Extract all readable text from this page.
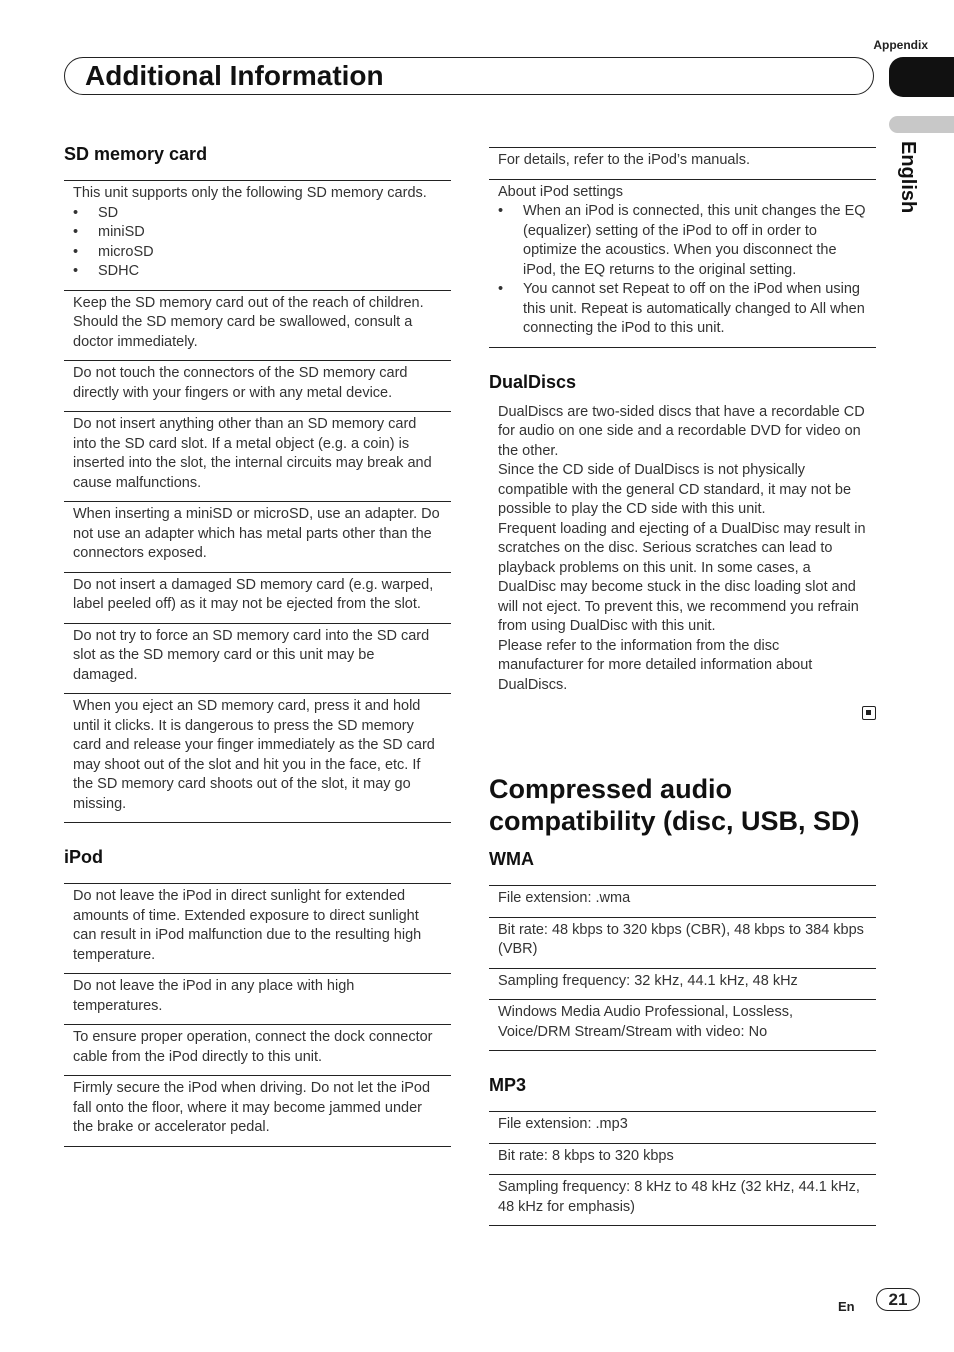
Appendix
Additional Information
English
SD memory card
This unit supports only the following SD memory cards.
• SD
• miniSD
• microSD
• SDHC
Keep the SD memory card out of the reach of children. Should the SD memory card be swallowed, consult a doctor immediately.
Do not touch the connectors of the SD memory card directly with your fingers or with any metal device.
Do not insert anything other than an SD memory card into the SD card slot. If a metal object (e.g. a coin) is inserted into the slot, the internal circuits may break and cause malfunctions.
When inserting a miniSD or microSD, use an adapter. Do not use an adapter which has metal parts other than the connectors exposed.
Do not insert a damaged SD memory card (e.g. warped, label peeled off) as it may not be ejected from the slot.
Do not try to force an SD memory card into the SD card slot as the SD memory card or this unit may be damaged.
When you eject an SD memory card, press it and hold until it clicks. It is dangerous to press the SD memory card and release your finger immediately as the SD card may shoot out of the slot and hit you in the face, etc. If the SD memory card shoots out of the slot, it may go missing.
iPod
Do not leave the iPod in direct sunlight for extended amounts of time. Extended exposure to direct sunlight can result in iPod malfunction due to the resulting high temperature.
Do not leave the iPod in any place with high temperatures.
To ensure proper operation, connect the dock connector cable from the iPod directly to this unit.
Firmly secure the iPod when driving. Do not let the iPod fall onto the floor, where it may become jammed under the brake or accelerator pedal.
For details, refer to the iPod’s manuals.
About iPod settings
• When an iPod is connected, this unit changes the EQ (equalizer) setting of the iPod to off in order to optimize the acoustics. When you disconnect the iPod, the EQ returns to the original setting.
• You cannot set Repeat to off on the iPod when using this unit. Repeat is automatically changed to All when connecting the iPod to this unit.
DualDiscs
DualDiscs are two-sided discs that have a recordable CD for audio on one side and a recordable DVD for video on the other.
Since the CD side of DualDiscs is not physically compatible with the general CD standard, it may not be possible to play the CD side with this unit.
Frequent loading and ejecting of a DualDisc may result in scratches on the disc. Serious scratches can lead to playback problems on this unit. In some cases, a DualDisc may become stuck in the disc loading slot and will not eject. To prevent this, we recommend you refrain from using DualDisc with this unit.
Please refer to the information from the disc manufacturer for more detailed information about DualDiscs.
Compressed audio compatibility (disc, USB, SD)
WMA
File extension: .wma
Bit rate: 48 kbps to 320 kbps (CBR), 48 kbps to 384 kbps (VBR)
Sampling frequency: 32 kHz, 44.1 kHz, 48 kHz
Windows Media Audio Professional, Lossless, Voice/DRM Stream/Stream with video: No
MP3
File extension: .mp3
Bit rate: 8 kbps to 320 kbps
Sampling frequency: 8 kHz to 48 kHz (32 kHz, 44.1 kHz, 48 kHz for emphasis)
En	21
